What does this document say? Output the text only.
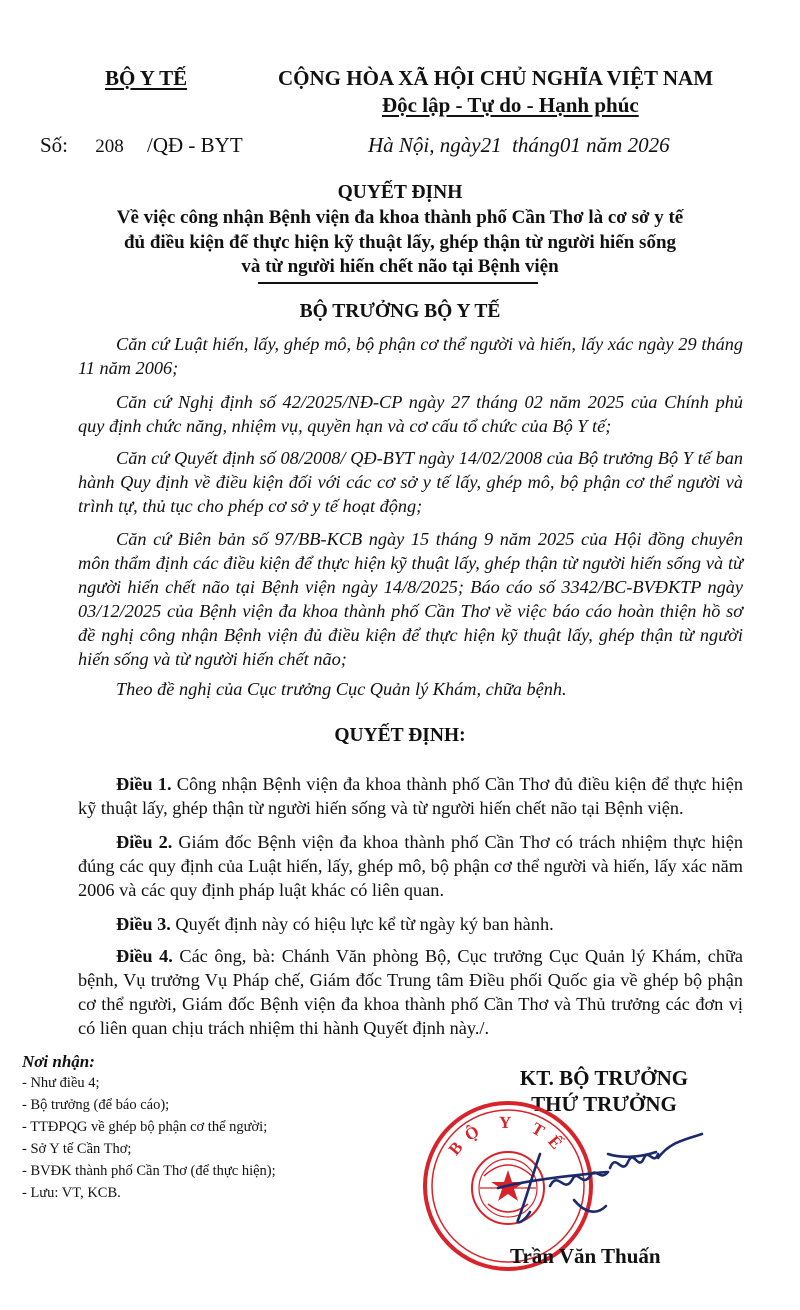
BỘ Y TẾ	CỘNG HÒA XÃ HỘI CHỦ NGHĨA VIỆT NAM
Độc lập - Tự do - Hạnh phúc
Số: 208 /QĐ - BYT	Hà Nội, ngày21  tháng01 năm 2026
QUYẾT ĐỊNH
Về việc công nhận Bệnh viện đa khoa thành phố Cần Thơ là cơ sở y tế
đủ điều kiện để thực hiện kỹ thuật lấy, ghép thận từ người hiến sống
và từ người hiến chết não tại Bệnh viện
BỘ TRƯỞNG BỘ Y TẾ
Căn cứ Luật hiến, lấy, ghép mô, bộ phận cơ thể người và hiến, lấy xác ngày 29 tháng 11 năm 2006;
Căn cứ Nghị định số 42/2025/NĐ-CP ngày 27 tháng 02 năm 2025 của Chính phủ quy định chức năng, nhiệm vụ, quyền hạn và cơ cấu tổ chức của Bộ Y tế;
Căn cứ Quyết định số 08/2008/ QĐ-BYT ngày 14/02/2008 của Bộ trưởng Bộ Y tế ban hành Quy định về điều kiện đối với các cơ sở y tế lấy, ghép mô, bộ phận cơ thể người và trình tự, thủ tục cho phép cơ sở y tế hoạt động;
Căn cứ Biên bản số 97/BB-KCB ngày 15 tháng 9 năm 2025 của Hội đồng chuyên môn thẩm định các điều kiện để thực hiện kỹ thuật lấy, ghép thận từ người hiến sống và từ người hiến chết não tại Bệnh viện ngày 14/8/2025; Báo cáo số 3342/BC-BVĐKTP ngày 03/12/2025 của Bệnh viện đa khoa thành phố Cần Thơ về việc báo cáo hoàn thiện hồ sơ đề nghị công nhận Bệnh viện đủ điều kiện để thực hiện kỹ thuật lấy, ghép thận từ người hiến sống và từ người hiến chết não;
Theo đề nghị của Cục trưởng Cục Quản lý Khám, chữa bệnh.
QUYẾT ĐỊNH:
Điều 1. Công nhận Bệnh viện đa khoa thành phố Cần Thơ đủ điều kiện để thực hiện kỹ thuật lấy, ghép thận từ người hiến sống và từ người hiến chết não tại Bệnh viện.
Điều 2. Giám đốc Bệnh viện đa khoa thành phố Cần Thơ có trách nhiệm thực hiện đúng các quy định của Luật hiến, lấy, ghép mô, bộ phận cơ thể người và hiến, lấy xác năm 2006 và các quy định pháp luật khác có liên quan.
Điều 3. Quyết định này có hiệu lực kể từ ngày ký ban hành.
Điều 4. Các ông, bà: Chánh Văn phòng Bộ, Cục trưởng Cục Quản lý Khám, chữa bệnh, Vụ trưởng Vụ Pháp chế, Giám đốc Trung tâm Điều phối Quốc gia về ghép bộ phận cơ thể người, Giám đốc Bệnh viện đa khoa thành phố Cần Thơ và Thủ trưởng các đơn vị có liên quan chịu trách nhiệm thi hành Quyết định này./.
Nơi nhận:
- Như điều 4;
- Bộ trưởng (để báo cáo);
- TTĐPQG về ghép bộ phận cơ thể người;
- Sở Y tế Cần Thơ;
- BVĐK thành phố Cần Thơ (để thực hiện);
- Lưu: VT, KCB.
KT. BỘ TRƯỞNG
THỨ TRƯỞNG
BỘ Y TẾ
Trần Văn Thuấn
